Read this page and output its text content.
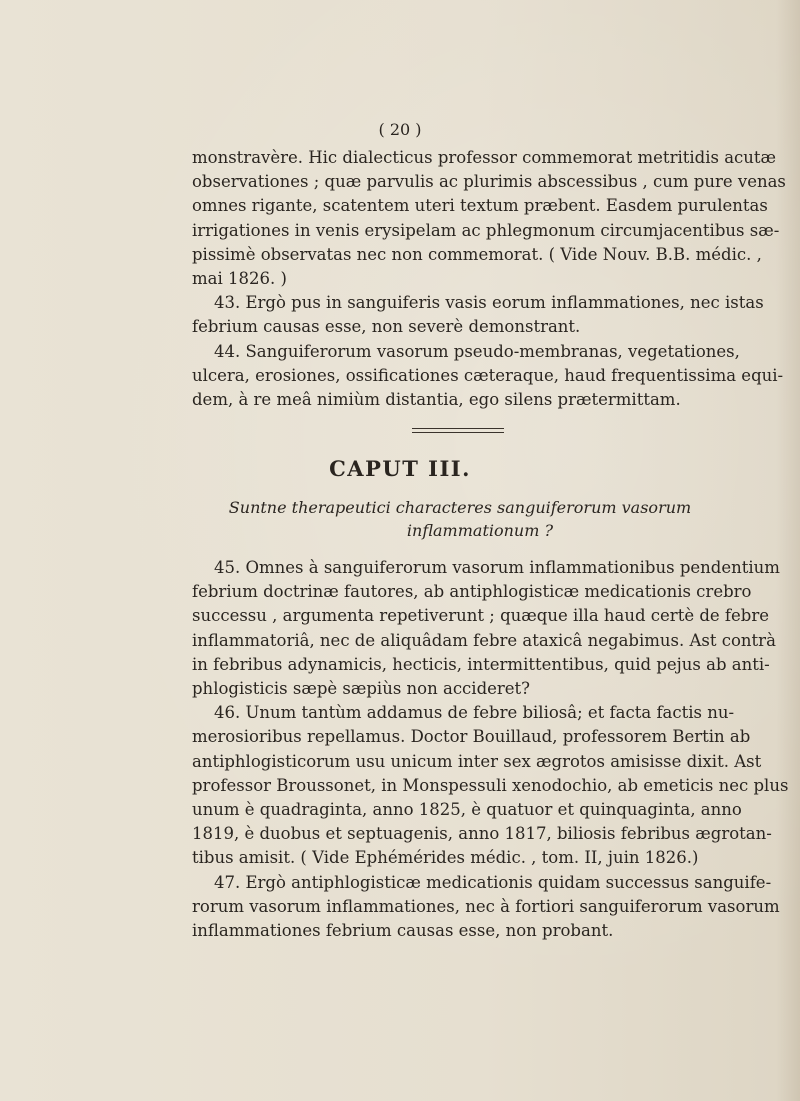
( 20 )
monstravère. Hic dialecticus professor commemorat metritidis acutæ
observationes ; quæ parvulis ac plurimis abscessibus , cum pure venas
omnes rigante, scatentem uteri textum præbent. Easdem purulentas
irrigationes in venis erysipelam ac phlegmonum circumjacentibus sæ-
pissimè observatas nec non commemorat. ( Vide Nouv. B.B. médic. ,
mai 1826. )
43. Ergò pus in sanguiferis vasis eorum inflammationes, nec istas
febrium causas esse, non severè demonstrant.
44. Sanguiferorum vasorum pseudo-membranas, vegetationes,
ulcera, erosiones, ossificationes cæteraque, haud frequentissima equi-
dem, à re meâ nimiùm distantia, ego silens prætermittam.
CAPUT III.
Suntne therapeutici characteres sanguiferorum vasorum
inflammationum ?
45. Omnes à sanguiferorum vasorum inflammationibus pendentium
febrium doctrinæ fautores, ab antiphlogisticæ medicationis crebro
successu , argumenta repetiverunt ; quæque illa haud certè de febre
inflammatoriâ, nec de aliquâdam febre ataxicâ negabimus. Ast contrà
in febribus adynamicis, hecticis, intermittentibus, quid pejus ab anti-
phlogisticis sæpè sæpiùs non accideret?
46. Unum tantùm addamus de febre biliosâ; et facta factis nu-
merosioribus repellamus. Doctor Bouillaud, professorem Bertin ab
antiphlogisticorum usu unicum inter sex ægrotos amisisse dixit. Ast
professor Broussonet, in Monspessuli xenodochio, ab emeticis nec plus
unum è quadraginta, anno 1825, è quatuor et quinquaginta, anno
1819, è duobus et septuagenis, anno 1817, biliosis febribus ægrotan-
tibus amisit. ( Vide Ephémérides médic. , tom. II, juin 1826.)
47. Ergò antiphlogisticæ medicationis quidam successus sanguife-
rorum vasorum inflammationes, nec à fortiori sanguiferorum vasorum
inflammationes febrium causas esse, non probant.
